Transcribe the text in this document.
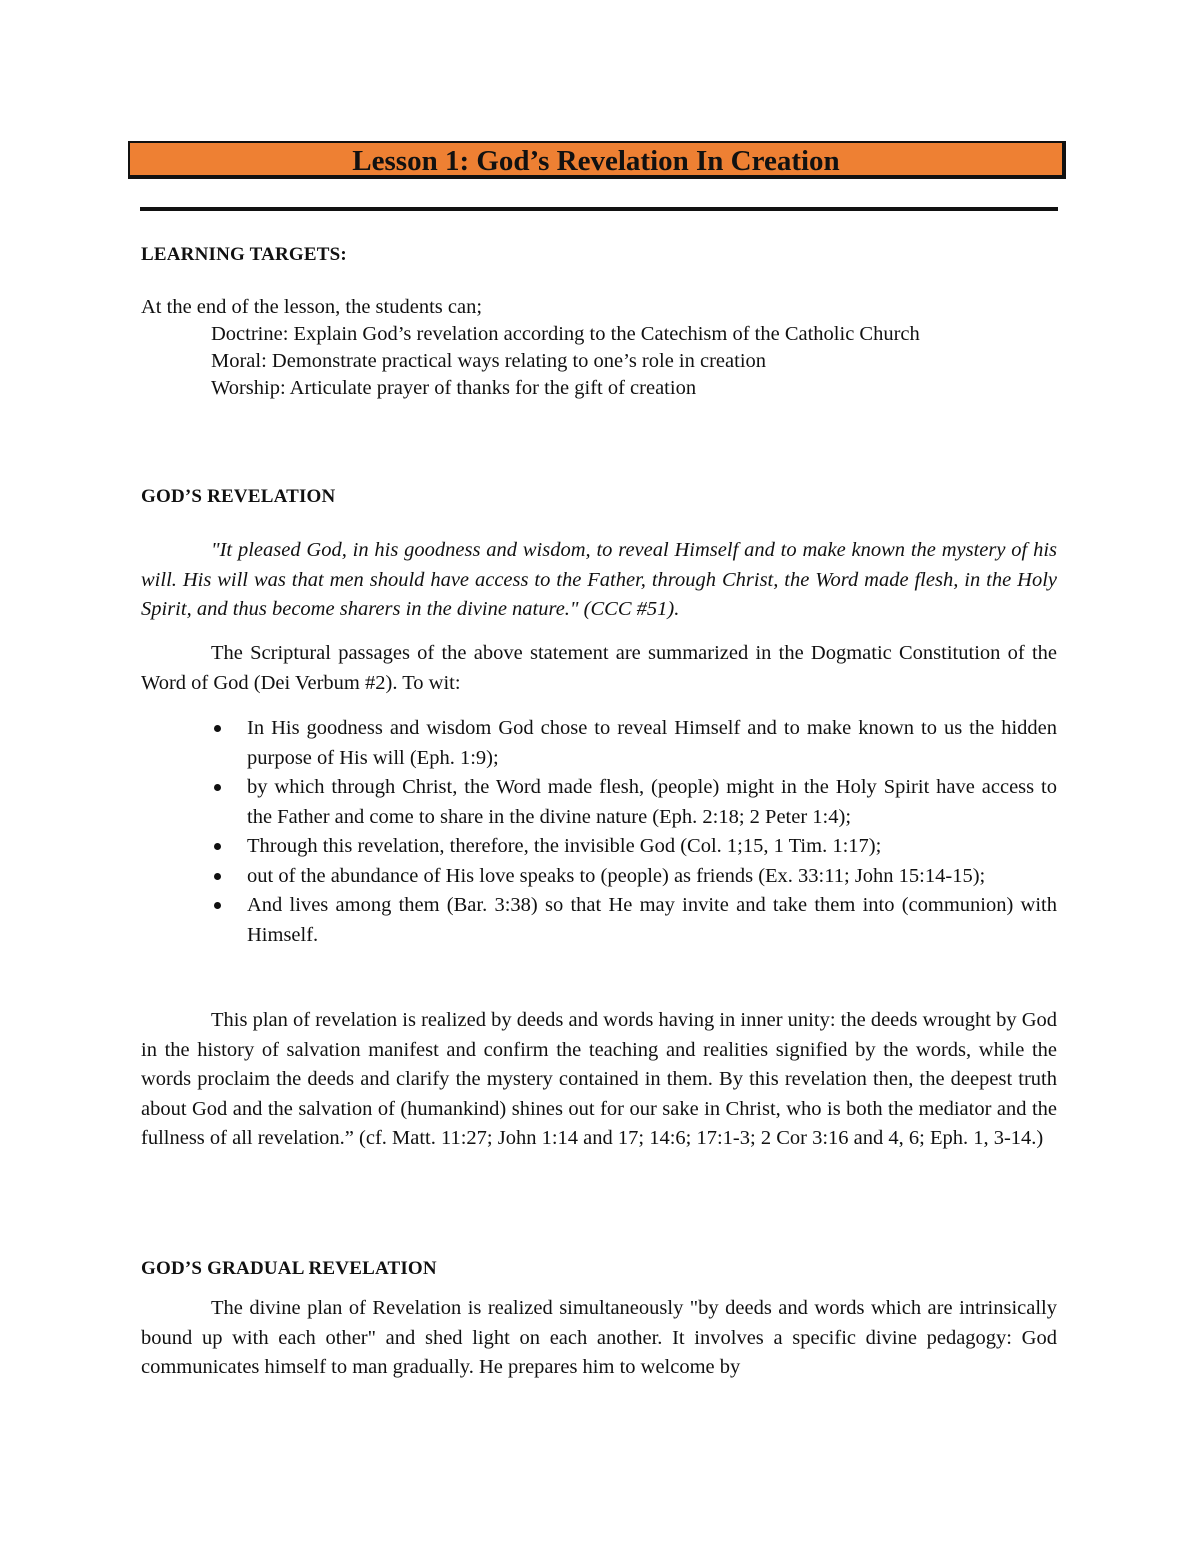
Lesson 1: God’s Revelation In Creation
LEARNING TARGETS:
At the end of the lesson, the students can;
Doctrine: Explain God’s revelation according to the Catechism of the Catholic Church
Moral: Demonstrate practical ways relating to one’s role in creation
Worship: Articulate prayer of thanks for the gift of creation
GOD’S REVELATION
"It pleased God, in his goodness and wisdom, to reveal Himself and to make known the mystery of his will. His will was that men should have access to the Father, through Christ, the Word made flesh, in the Holy Spirit, and thus become sharers in the divine nature." (CCC #51).
The Scriptural passages of the above statement are summarized in the Dogmatic Constitution of the Word of God (Dei Verbum #2). To wit:
In His goodness and wisdom God chose to reveal Himself and to make known to us the hidden purpose of His will (Eph. 1:9);
by which through Christ, the Word made flesh, (people) might in the Holy Spirit have access to the Father and come to share in the divine nature (Eph. 2:18; 2 Peter 1:4);
Through this revelation, therefore, the invisible God (Col. 1;15, 1 Tim. 1:17);
out of the abundance of His love speaks to (people) as friends (Ex. 33:11; John 15:14-15);
And lives among them (Bar. 3:38) so that He may invite and take them into (communion) with Himself.
This plan of revelation is realized by deeds and words having in inner unity: the deeds wrought by God in the history of salvation manifest and confirm the teaching and realities signified by the words, while the words proclaim the deeds and clarify the mystery contained in them. By this revelation then, the deepest truth about God and the salvation of (humankind) shines out for our sake in Christ, who is both the mediator and the fullness of all revelation.” (cf. Matt. 11:27; John 1:14 and 17; 14:6; 17:1-3; 2 Cor 3:16 and 4, 6; Eph. 1, 3-14.)
GOD’S GRADUAL REVELATION
The divine plan of Revelation is realized simultaneously "by deeds and words which are intrinsically bound up with each other" and shed light on each another. It involves a specific divine pedagogy: God communicates himself to man gradually. He prepares him to welcome by
